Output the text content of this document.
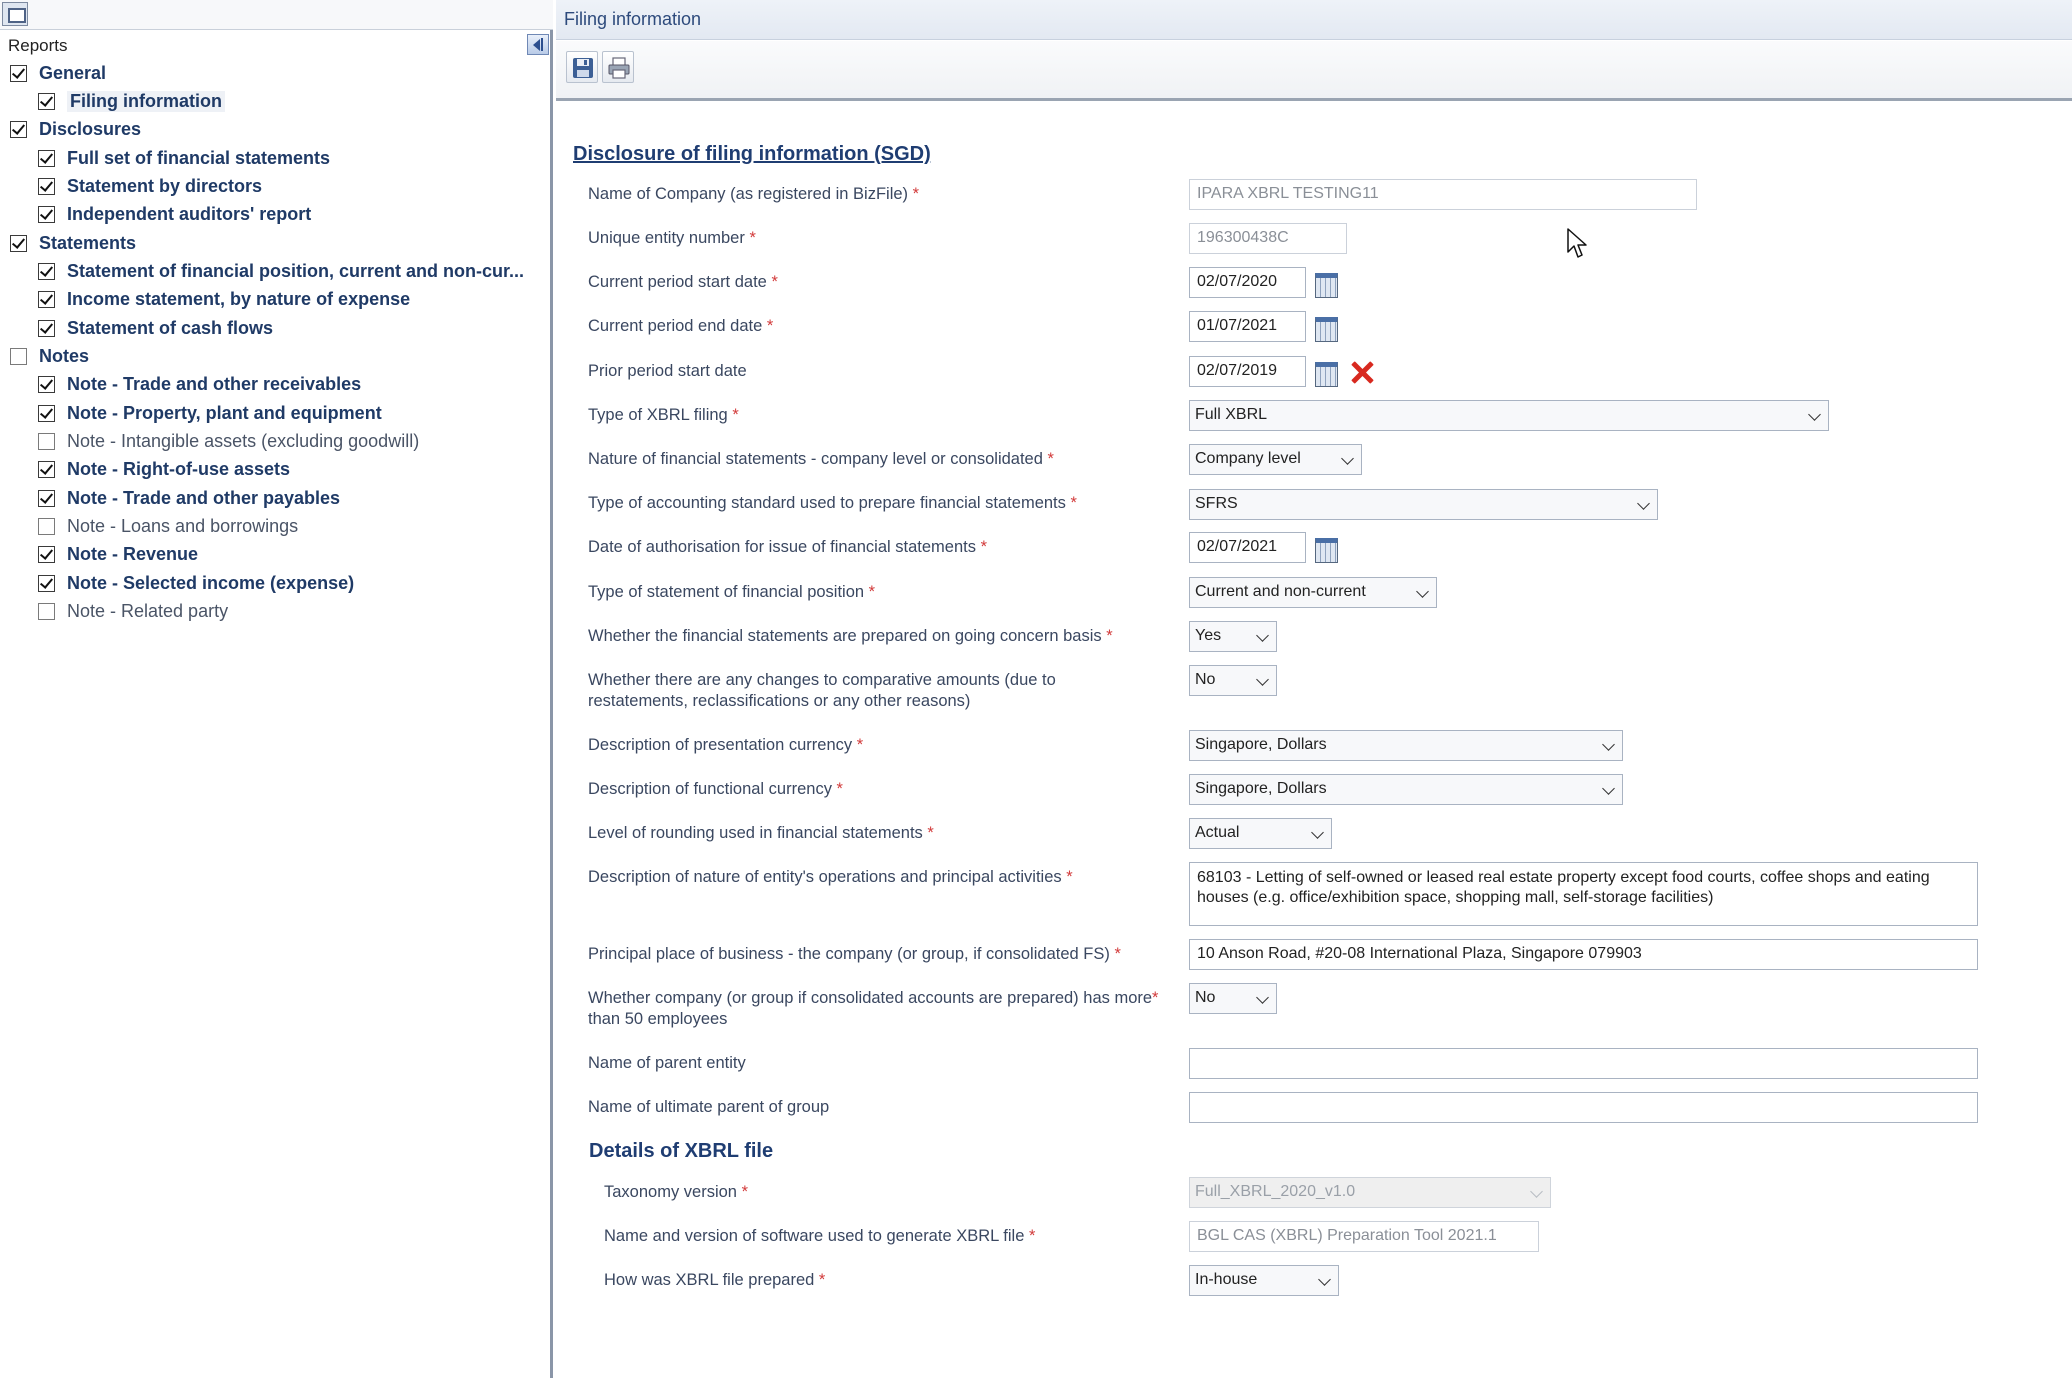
Reports
General
Filing information
Disclosures
Full set of financial statements
Statement by directors
Independent auditors' report
Statements
Statement of financial position, current and non-cur...
Income statement, by nature of expense
Statement of cash flows
Notes
Note - Trade and other receivables
Note - Property, plant and equipment
Note - Intangible assets (excluding goodwill)
Note - Right-of-use assets
Note - Trade and other payables
Note - Loans and borrowings
Note - Revenue
Note - Selected income (expense)
Note - Related party
Filing information
Disclosure of filing information (SGD)
Name of Company (as registered in BizFile) *	IPARA XBRL TESTING11
Unique entity number *	196300438C
Current period start date *	02/07/2020
Current period end date *	01/07/2021
Prior period start date	02/07/2019
Type of XBRL filing *	Full XBRL
Nature of financial statements - company level or consolidated *	Company level
Type of accounting standard used to prepare financial statements *	SFRS
Date of authorisation for issue of financial statements *	02/07/2021
Type of statement of financial position *	Current and non-current
Whether the financial statements are prepared on going concern basis *	Yes
Whether there are any changes to comparative amounts (due to
restatements, reclassifications or any other reasons)
No
Description of presentation currency *	Singapore, Dollars
Description of functional currency *	Singapore, Dollars
Level of rounding used in financial statements *	Actual
Description of nature of entity's operations and principal activities *	68103 - Letting of self-owned or leased real estate property except food courts, coffee shops and eating houses (e.g. office/exhibition space, shopping mall, self-storage facilities)
Principal place of business - the company (or group, if consolidated FS) *	10 Anson Road, #20-08 International Plaza, Singapore 079903
Whether company (or group if consolidated accounts are prepared) has more*
than 50 employees
No
Name of parent entity
Name of ultimate parent of group
Details of XBRL file
Taxonomy version *	Full_XBRL_2020_v1.0
Name and version of software used to generate XBRL file *	BGL CAS (XBRL) Preparation Tool 2021.1
How was XBRL file prepared *	In-house
